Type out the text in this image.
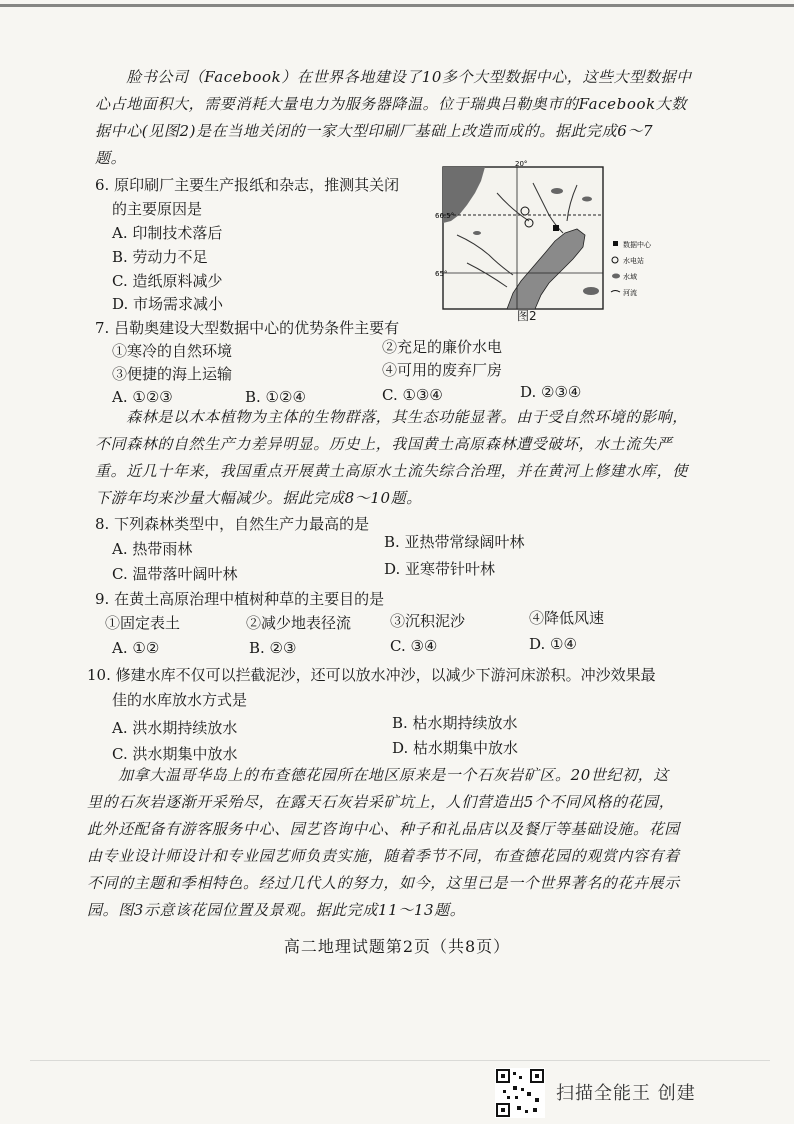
　　脸书公司（Facebook）在世界各地建设了10多个大型数据中心，这些大型数据中
心占地面积大，需要消耗大量电力为服务器降温。位于瑞典吕勒奥市的Facebook大数
据中心(见图2)是在当地关闭的一家大型印刷厂基础上改造而成的。据此完成6～7
题。
6. 原印刷厂主要生产报纸和杂志，推测其关闭
的主要原因是
A. 印制技术落后
B. 劳动力不足
C. 造纸原料减少
D. 市场需求减小
20°
66.5°
65°
数据中心
水电站
水域
河流
图2
7. 吕勒奥建设大型数据中心的优势条件主要有
①寒冷的自然环境	②充足的廉价水电
③便捷的海上运输	④可用的废弃厂房
A. ①②③	B. ①②④	C. ①③④	D. ②③④
　　森林是以木本植物为主体的生物群落，其生态功能显著。由于受自然环境的影响，
不同森林的自然生产力差异明显。历史上，我国黄土高原森林遭受破坏，水土流失严
重。近几十年来，我国重点开展黄土高原水土流失综合治理，并在黄河上修建水库，使
下游年均来沙量大幅减少。据此完成8～10题。
8. 下列森林类型中，自然生产力最高的是
A. 热带雨林	B. 亚热带常绿阔叶林
C. 温带落叶阔叶林	D. 亚寒带针叶林
9. 在黄土高原治理中植树种草的主要目的是
①固定表土	②减少地表径流	③沉积泥沙	④降低风速
A. ①②	B. ②③	C. ③④	D. ①④
10. 修建水库不仅可以拦截泥沙，还可以放水冲沙，以减少下游河床淤积。冲沙效果最
佳的水库放水方式是
A. 洪水期持续放水	B. 枯水期持续放水
C. 洪水期集中放水	D. 枯水期集中放水
　　加拿大温哥华岛上的布查德花园所在地区原来是一个石灰岩矿区。20世纪初，这
里的石灰岩逐渐开采殆尽，在露天石灰岩采矿坑上，人们营造出5个不同风格的花园，
此外还配备有游客服务中心、园艺咨询中心、种子和礼品店以及餐厅等基础设施。花园
由专业设计师设计和专业园艺师负责实施，随着季节不同，布查德花园的观赏内容有着
不同的主题和季相特色。经过几代人的努力，如今，这里已是一个世界著名的花卉展示
园。图3示意该花园位置及景观。据此完成11～13题。
高二地理试题第2页（共8页）
扫描全能王 创建
